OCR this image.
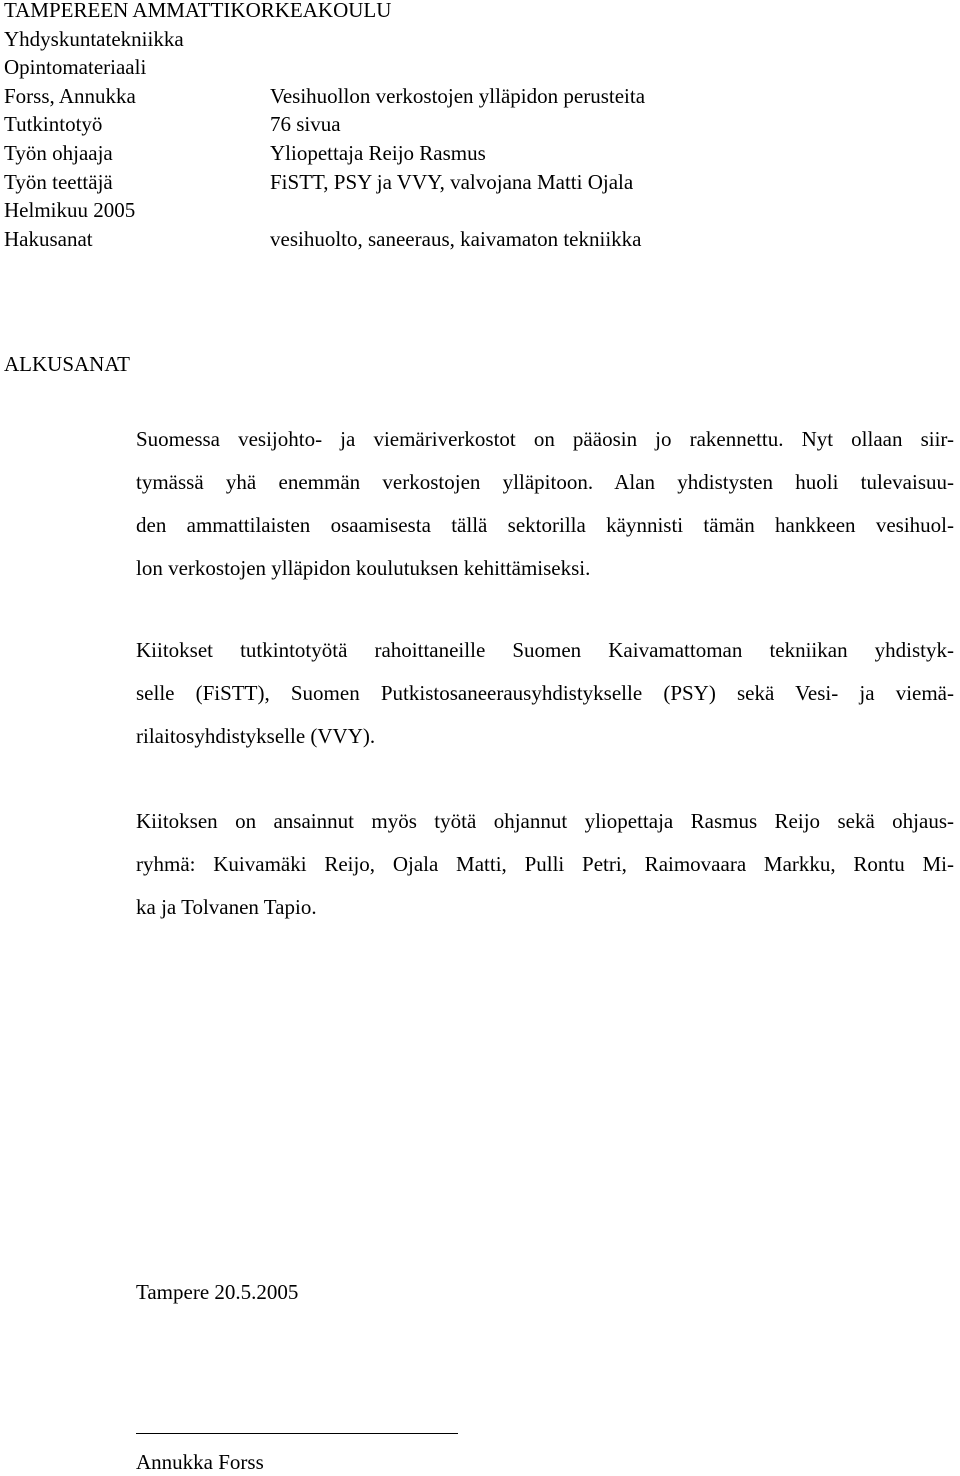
TAMPEREEN AMMATTIKORKEAKOULU
Yhdyskuntatekniikka
Opintomateriaali
Forss, Annukka	Vesihuollon verkostojen ylläpidon perusteita
Tutkintotyö	76 sivua
Työn ohjaaja	Yliopettaja Reijo Rasmus
Työn teettäjä	FiSTT, PSY ja VVY, valvojana Matti Ojala
Helmikuu 2005
Hakusanat	vesihuolto, saneeraus, kaivamaton tekniikka
ALKUSANAT

Suomessa vesijohto- ja viemäriverkostot on pääosin jo rakennettu. Nyt ollaan siir-
tymässä yhä enemmän verkostojen ylläpitoon. Alan yhdistysten huoli tulevaisuu-
den ammattilaisten osaamisesta tällä sektorilla käynnisti tämän hankkeen vesihuol-
lon verkostojen ylläpidon koulutuksen kehittämiseksi.

Kiitokset tutkintotyötä rahoittaneille Suomen Kaivamattoman tekniikan yhdistyk-
selle (FiSTT), Suomen Putkistosaneerausyhdistykselle (PSY) sekä Vesi- ja viemä-
rilaitosyhdistykselle (VVY).

Kiitoksen on ansainnut myös työtä ohjannut yliopettaja Rasmus Reijo sekä ohjaus-
ryhmä: Kuivamäki Reijo, Ojala Matti, Pulli Petri, Raimovaara Markku, Rontu Mi-
ka ja Tolvanen Tapio.

Tampere 20.5.2005
Annukka Forss
